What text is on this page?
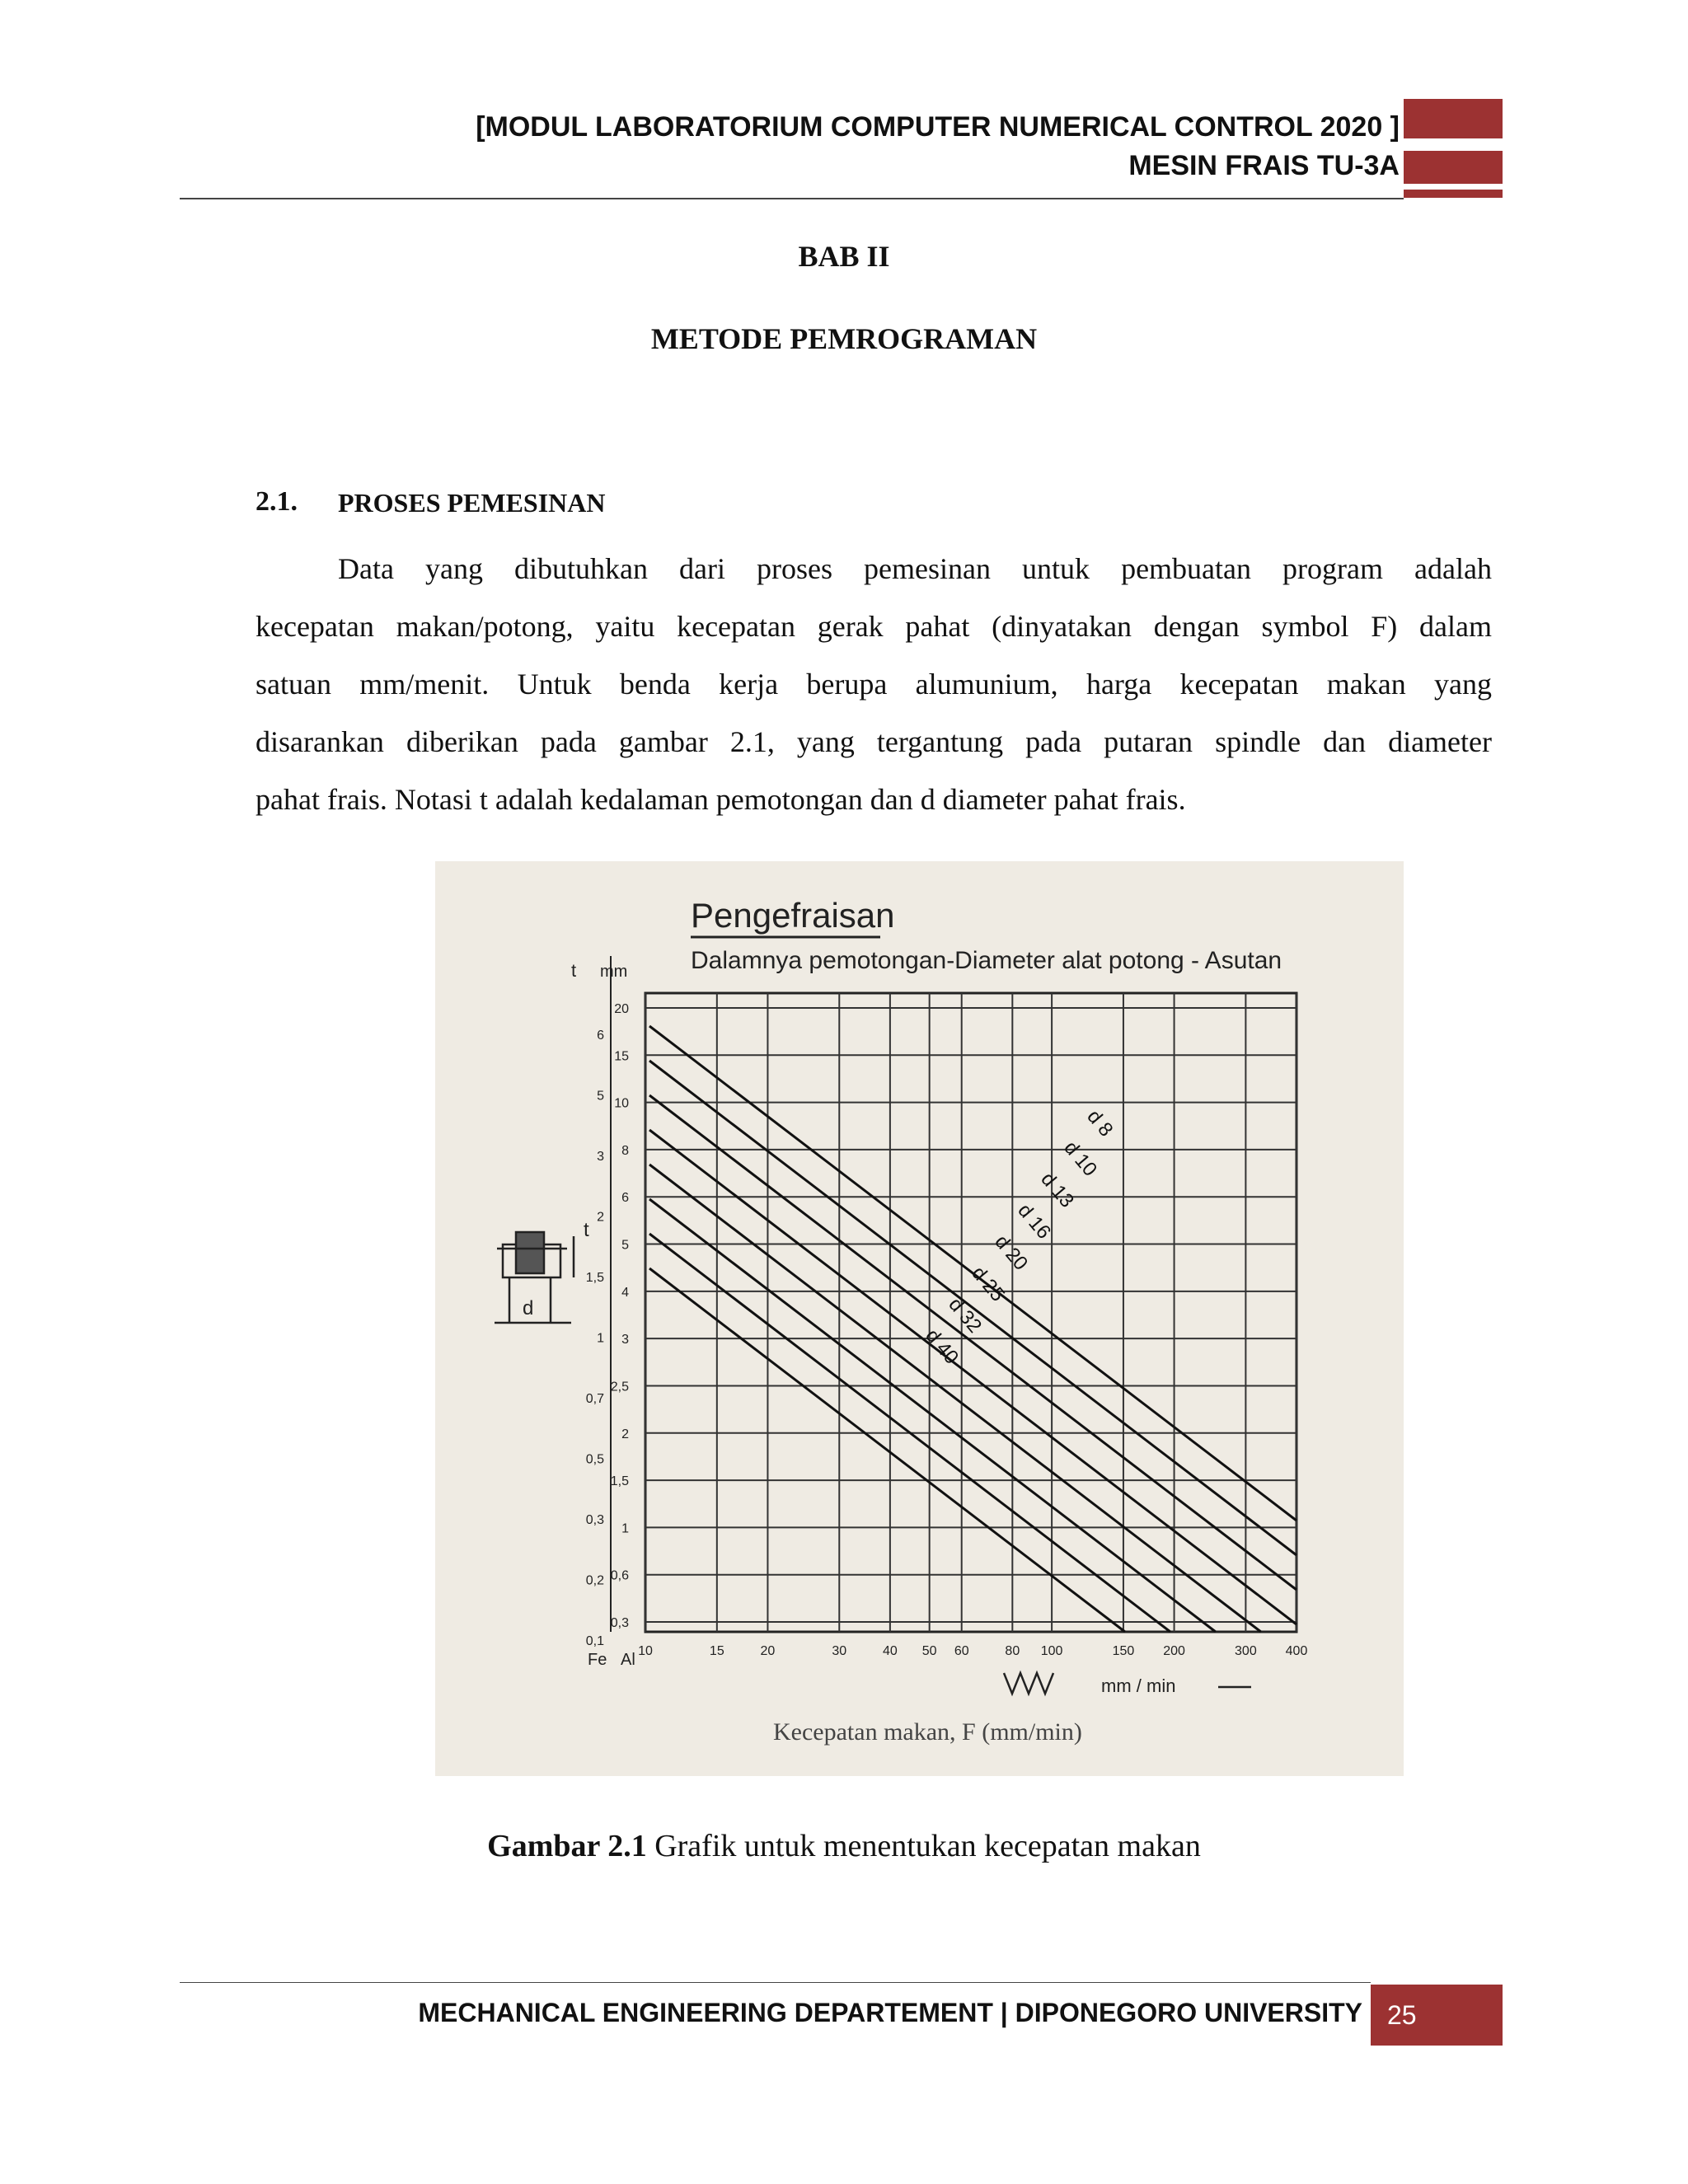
[MODUL LABORATORIUM COMPUTER NUMERICAL CONTROL 2020 ]
MESIN FRAIS TU-3A
BAB II
METODE PEMROGRAMAN
2.1. PROSES PEMESINAN
Data yang dibutuhkan dari proses pemesinan untuk pembuatan program adalah
kecepatan makan/potong, yaitu kecepatan gerak pahat (dinyatakan dengan symbol F) dalam
satuan mm/menit. Untuk benda kerja berupa alumunium, harga kecepatan makan yang
disarankan diberikan pada gambar 2.1, yang tergantung pada putaran spindle dan diameter
pahat frais. Notasi t adalah kedalaman pemotongan dan d diameter pahat frais.
Pengefraisan
Dalamnya pemotongan-Diameter alat potong - Asutan
t mm
20
15
10
8
6
5
4
3
2,5
2
1,5
1
0,6
0,3
6
5
3
2
1,5
1
0,7
0,5
0,3
0,2
0,1
10	15	20	30	40 50 60	80 100	150 200	300 400
d 8
d 10
d 13
d 16
d 20
d 25
d 32
d 40
t
d
Fe Al
mm / min
Kecepatan makan, F (mm/min)
Gambar 2.1 Grafik untuk menentukan kecepatan makan
MECHANICAL ENGINEERING DEPARTEMENT | DIPONEGORO UNIVERSITY 25
